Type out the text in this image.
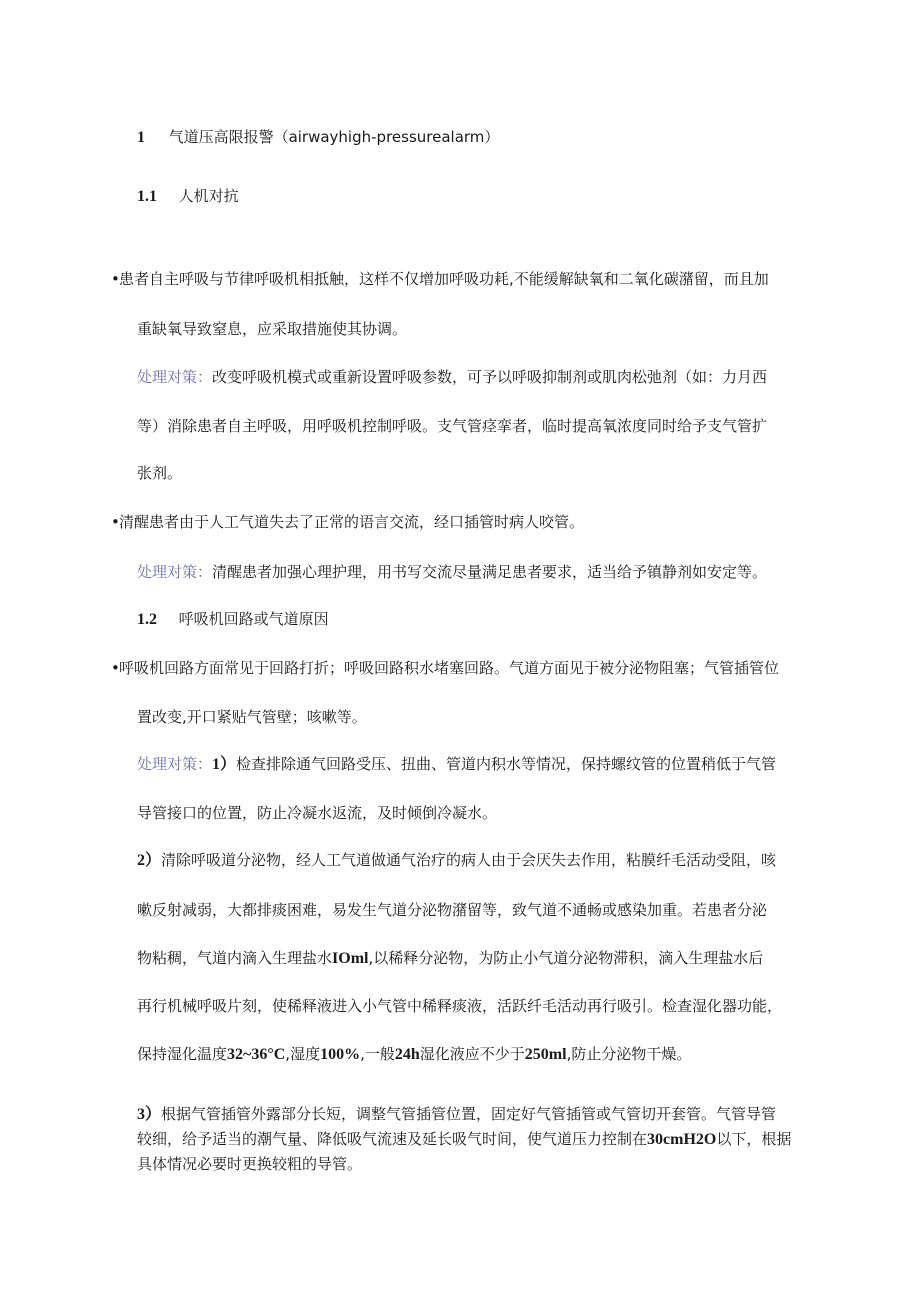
1 气道压高限报警（airwayhigh-pressurealarm）
1.1 人机对抗
•患者自主呼吸与节律呼吸机相抵触，这样不仅增加呼吸功耗,不能缓解缺氧和二氧化碳潴留，而且加
重缺氧导致窒息，应采取措施使其协调。
处理对策：改变呼吸机模式或重新设置呼吸参数，可予以呼吸抑制剂或肌肉松弛剂（如：力月西
等）消除患者自主呼吸，用呼吸机控制呼吸。支气管痉挛者，临时提高氧浓度同时给予支气管扩
张剂。
•清醒患者由于人工气道失去了正常的语言交流，经口插管时病人咬管。
处理对策：清醒患者加强心理护理，用书写交流尽量满足患者要求，适当给予镇静剂如安定等。
1.2 呼吸机回路或气道原因
•呼吸机回路方面常见于回路打折；呼吸回路积水堵塞回路。气道方面见于被分泌物阻塞；气管插管位
置改变,开口紧贴气管壁；咳嗽等。
处理对策：1）检查排除通气回路受压、扭曲、管道内积水等情况，保持螺纹管的位置稍低于气管
导管接口的位置，防止冷凝水返流，及时倾倒冷凝水。
2）清除呼吸道分泌物，经人工气道做通气治疗的病人由于会厌失去作用，粘膜纤毛活动受阻，咳
嗽反射减弱，大都排痰困难，易发生气道分泌物潴留等，致气道不通畅或感染加重。若患者分泌
物粘稠，气道内滴入生理盐水IOml,以稀释分泌物，为防止小气道分泌物滞积，滴入生理盐水后
再行机械呼吸片刻，使稀释液进入小气管中稀释痰液，活跃纤毛活动再行吸引。检查湿化器功能，
保持湿化温度32~36°C,湿度100%,一般24h湿化液应不少于250ml,防止分泌物干燥。
3）根据气管插管外露部分长短，调整气管插管位置，固定好气管插管或气管切开套管。气管导管
较细，给予适当的潮气量、降低吸气流速及延长吸气时间，使气道压力控制在30cmH2O以下，根据
具体情况必要时更换较粗的导管。
